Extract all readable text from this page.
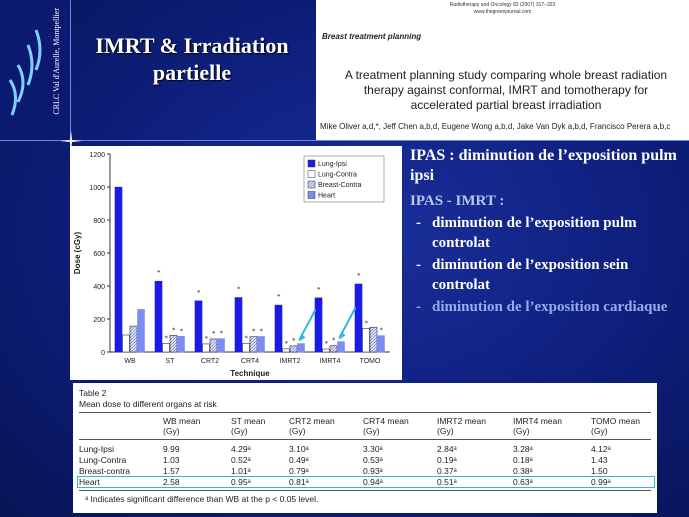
CRLC Val d'Aurelle, Montpellier	IMRT & Irradiation
partielle
Radiotherapy and Oncology 82 (2007) 317–323
www.thegreenjournal.com
Breast treatment planning
A treatment planning study comparing whole breast radiation therapy against conformal, IMRT and tomotherapy for accelerated partial breast irradiation
Mike Oliver a,d,*, Jeff Chen a,b,d, Eugene Wong a,b,d, Jake Van Dyk a,b,d, Francisco Perera a,b,c
0
200
400
600
800
1000
1200
Dose (cGy)
Technique
WB	ST
*
*
* *
CRT2
*
*
* *
CRT4
*
*
* *
IMRT2
*
* *
IMRT4
*
* *
TOMO
*
*
*
Lung-Ipsi
Lung-Contra
Breast-Contra
Heart
IPAS : diminution de l’exposition pulm ipsi
IPAS - IMRT :
- diminution de l’exposition pulm controlat
- diminution de l’exposition sein controlat
- diminution de l’exposition cardiaque
Table 2
Mean dose to different organs at risk
WB mean
(Gy)
ST mean
(Gy)
CRT2 mean
(Gy)
CRT4 mean
(Gy)
IMRT2 mean
(Gy)
IMRT4 mean
(Gy)
TOMO mean
(Gy)
Lung-Ipsi	9.99	4.29ᵃ	3.10ᵃ	3.30ᵃ	2.84ᵃ	3.28ᵃ	4.12ᵃ
Lung-Contra	1.03	0.52ᵃ	0.49ᵃ	0.53ᵃ	0.19ᵃ	0.18ᵃ	1.43
Breast-contra	1.57	1.01ᵃ	0.79ᵃ	0.93ᵃ	0.37ᵃ	0.38ᵃ	1.50
Heart	2.58	0.95ᵃ	0.81ᵃ	0.94ᵃ	0.51ᵃ	0.63ᵃ	0.99ᵃ
ᵃ Indicates significant difference than WB at the p < 0.05 level.
